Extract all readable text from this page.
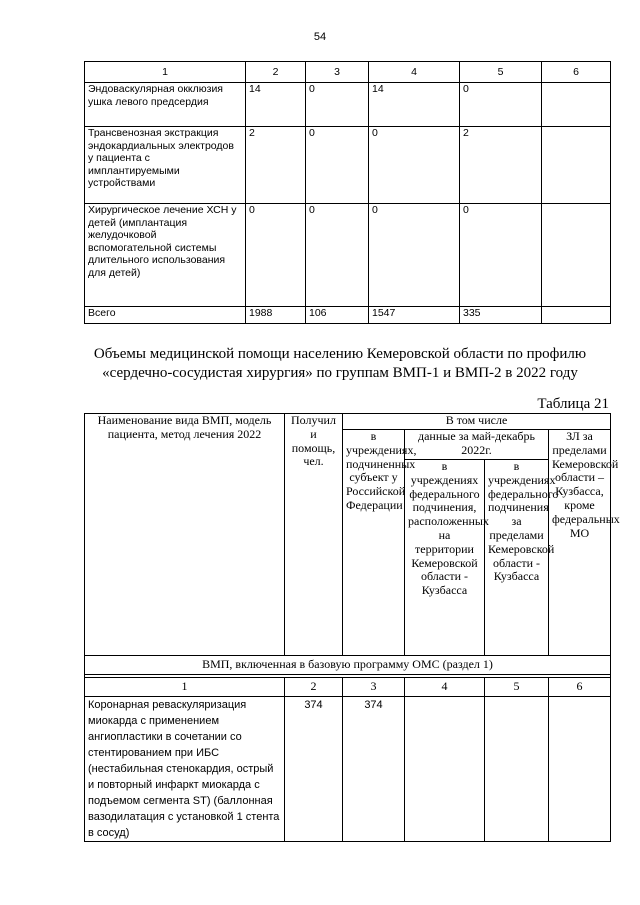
54
1	2	3	4	5	6
Эндоваскулярная окклюзия ушка левого предсердия	14	0	14	0	
Трансвенозная экстракция эндокардиальных электродов у пациента с имплантируемыми устройствами	2	0	0	2	
Хирургическое лечение ХСН у детей (имплантация желудочковой вспомогательной системы длительного использования для детей)	0	0	0	0	
Всего	1988	106	1547	335	
Объемы медицинской помощи населению Кемеровской области по профилю «сердечно-сосудистая хирургия» по группам ВМП-1 и ВМП-2 в 2022 году
Таблица 21
Наименование вида ВМП, модель пациента, метод лечения 2022	Получил и помощь, чел.	В том числе			
		в учреждениях, подчиненных субъект у Российской Федерации	данные за май-декабрь 2022г.		ЗЛ за пределами Кемеровской области – Кузбасса, кроме федеральных МО
			в учреждениях федерального подчинения, расположенных на территории Кемеровской области - Кузбасса	в учреждениях федерального подчинения за пределами Кемеровской области - Кузбасса	
ВМП, включенная в базовую программу ОМС (раздел 1)					

1	2	3	4	5	6
Коронарная реваскуляризация миокарда с применением ангиопластики в сочетании со стентированием при ИБС (нестабильная стенокардия, острый и повторный инфаркт миокарда с подъемом сегмента ST) (баллонная вазодилатация с установкой 1 стента в сосуд)	374	374			
